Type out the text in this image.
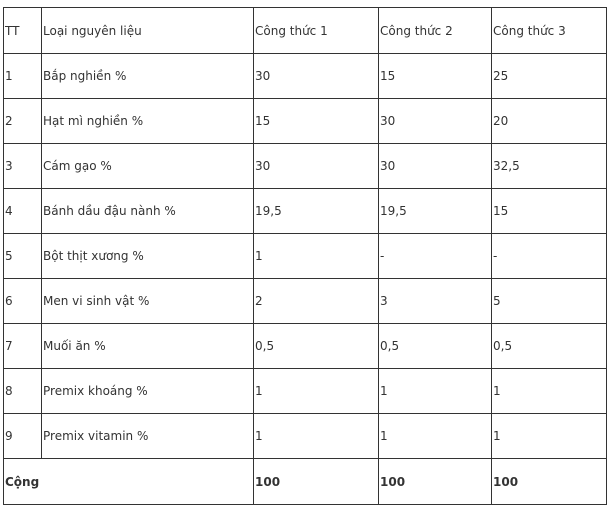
TT	Loại nguyên liệu	Công thức 1	Công thức 2	Công thức 3
1	Bắp nghiền %	30	15	25
2	Hạt mì nghiền %	15	30	20
3	Cám gạo %	30	30	32,5
4	Bánh dầu đậu nành %	19,5	19,5	15
5	Bột thịt xương %	1	-	-
6	Men vi sinh vật %	2	3	5
7	Muối ăn %	0,5	0,5	0,5
8	Premix khoáng %	1	1	1
9	Premix vitamin %	1	1	1
Cộng		100	100	100
